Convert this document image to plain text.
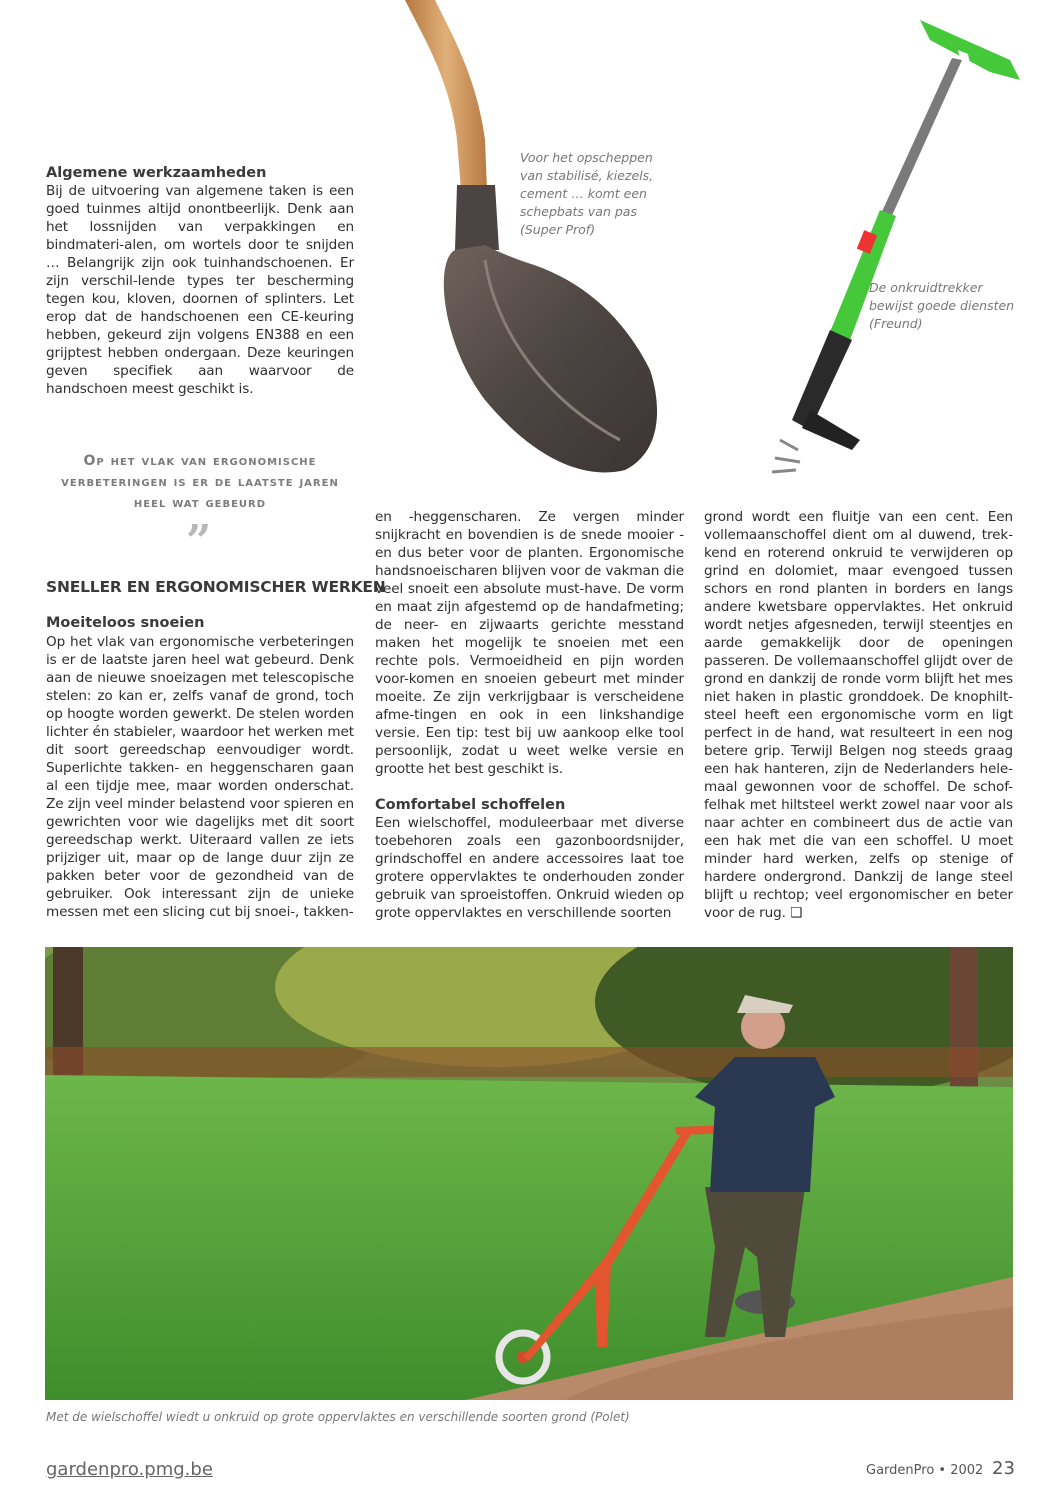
Algemene werkzaamheden
Bij de uitvoering van algemene taken is een goed tuinmes altijd onontbeerlijk. Denk aan het lossnijden van verpakkingen en bindmateri-alen, om wortels door te snijden … Belangrijk zijn ook tuinhandschoenen. Er zijn verschil-lende types ter bescherming tegen kou, kloven, doornen of splinters. Let erop dat de handschoenen een CE-keuring hebben, gekeurd zijn volgens EN388 en een grijptest hebben ondergaan. Deze keuringen geven specifiek aan waarvoor de handschoen meest geschikt is.
Voor het opscheppen van stabilisé, kiezels, cement … komt een schepbats van pas (Super Prof)
De onkruidtrekker bewijst goede diensten (Freund)
Op het vlak van ergonomische verbeteringen is er de laatste jaren heel wat gebeurd
”
SNELLER EN ERGONOMISCHER WERKEN
Moeiteloos snoeien
Op het vlak van ergonomische verbeteringen is er de laatste jaren heel wat gebeurd. Denk aan de nieuwe snoeizagen met telescopische stelen: zo kan er, zelfs vanaf de grond, toch op hoogte worden gewerkt. De stelen worden lichter én stabieler, waardoor het werken met dit soort gereedschap eenvoudiger wordt. Superlichte takken- en heggenscharen gaan al een tijdje mee, maar worden onderschat. Ze zijn veel minder belastend voor spieren en gewrichten voor wie dagelijks met dit soort gereedschap werkt. Uiteraard vallen ze iets prijziger uit, maar op de lange duur zijn ze pakken beter voor de gezondheid van de gebruiker. Ook interessant zijn de unieke messen met een slicing cut bij snoei-, takken-
en -heggenscharen. Ze vergen minder snijkracht en bovendien is de snede mooier - en dus beter voor de planten. Ergonomische handsnoeischaren blijven voor de vakman die veel snoeit een absolute must-have. De vorm en maat zijn afgestemd op de handafmeting; de neer- en zijwaarts gerichte messtand maken het mogelijk te snoeien met een rechte pols. Vermoeidheid en pijn worden voor-komen en snoeien gebeurt met minder moeite. Ze zijn verkrijgbaar is verscheidene afme-tingen en ook in een linkshandige versie. Een tip: test bij uw aankoop elke tool persoonlijk, zodat u weet welke versie en grootte het best geschikt is.
Comfortabel schoffelen
Een wielschoffel, moduleerbaar met diverse toebehoren zoals een gazonboordsnijder, grindschoffel en andere accessoires laat toe grotere oppervlaktes te onderhouden zonder gebruik van sproeistoffen. Onkruid wieden op grote oppervlaktes en verschillende soorten
grond wordt een fluitje van een cent. Een vollemaanschoffel dient om al duwend, trek-kend en roterend onkruid te verwijderen op grind en dolomiet, maar evengoed tussen schors en rond planten in borders en langs andere kwetsbare oppervlaktes. Het onkruid wordt netjes afgesneden, terwijl steentjes en aarde gemakkelijk door de openingen passeren. De vollemaanschoffel glijdt over de grond en dankzij de ronde vorm blijft het mes niet haken in plastic gronddoek. De knophilt-steel heeft een ergonomische vorm en ligt perfect in de hand, wat resulteert in een nog betere grip. Terwijl Belgen nog steeds graag een hak hanteren, zijn de Nederlanders hele-maal gewonnen voor de schoffel. De schof-felhak met hiltsteel werkt zowel naar voor als naar achter en combineert dus de actie van een hak met die van een schoffel. U moet minder hard werken, zelfs op stenige of hardere ondergrond. Dankzij de lange steel blijft u rechtop; veel ergonomischer en beter voor de rug. ❑
Met de wielschoffel wiedt u onkruid op grote oppervlaktes en verschillende soorten grond (Polet)
gardenpro.pmg.be	GardenPro • 2002 23
